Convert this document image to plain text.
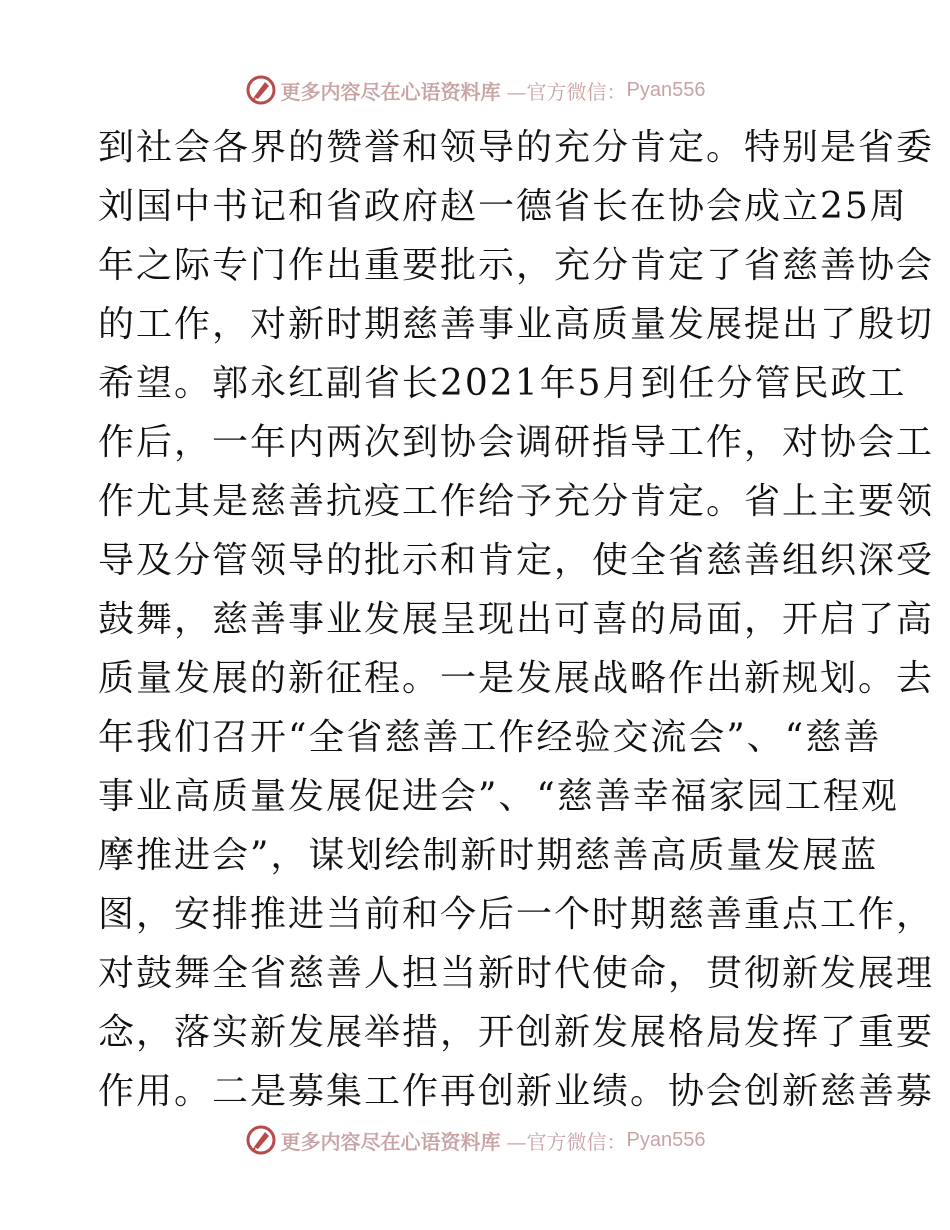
更多内容尽在心语资料库 —官方微信： Pyan556
到社会各界的赞誉和领导的充分肯定。特别是省委
刘国中书记和省政府赵一德省长在协会成立25周
年之际专门作出重要批示，充分肯定了省慈善协会
的工作，对新时期慈善事业高质量发展提出了殷切
希望。郭永红副省长2021年5月到任分管民政工
作后，一年内两次到协会调研指导工作，对协会工
作尤其是慈善抗疫工作给予充分肯定。省上主要领
导及分管领导的批示和肯定，使全省慈善组织深受
鼓舞，慈善事业发展呈现出可喜的局面，开启了高
质量发展的新征程。一是发展战略作出新规划。去
年我们召开“全省慈善工作经验交流会”、“慈善
事业高质量发展促进会”、“慈善幸福家园工程观
摩推进会”，谋划绘制新时期慈善高质量发展蓝
图，安排推进当前和今后一个时期慈善重点工作，
对鼓舞全省慈善人担当新时代使命，贯彻新发展理
念，落实新发展举措，开创新发展格局发挥了重要
作用。二是募集工作再创新业绩。协会创新慈善募
更多内容尽在心语资料库 —官方微信： Pyan556
